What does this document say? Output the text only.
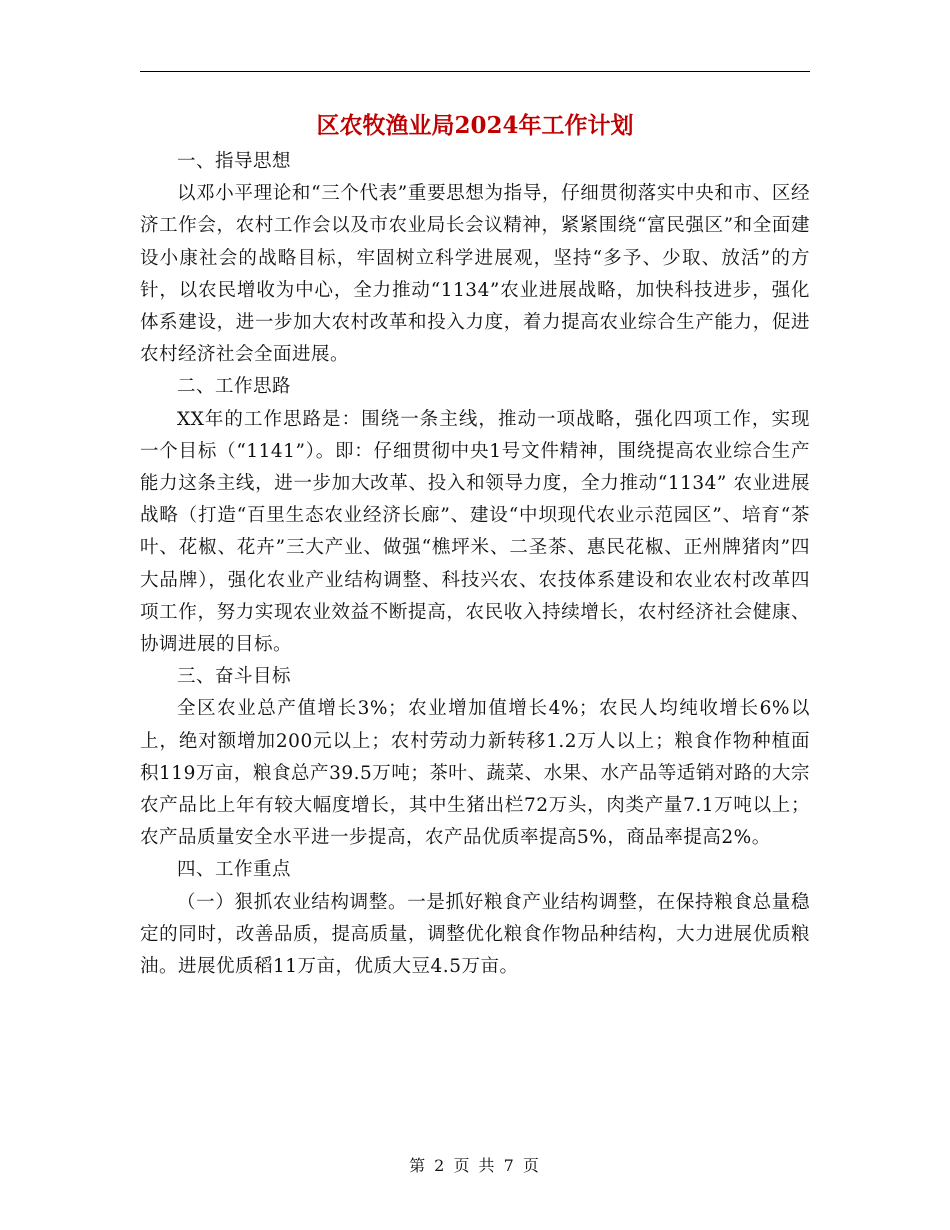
区农牧渔业局2024年工作计划

一、指导思想

以邓小平理论和“三个代表”重要思想为指导，仔细贯彻落实中央和市、区经济工作会，农村工作会以及市农业局长会议精神，紧紧围绕“富民强区”和全面建设小康社会的战略目标，牢固树立科学进展观，坚持“多予、少取、放活”的方针，以农民增收为中心，全力推动“1134”农业进展战略，加快科技进步，强化体系建设，进一步加大农村改革和投入力度，着力提高农业综合生产能力，促进农村经济社会全面进展。

二、工作思路

XX年的工作思路是：围绕一条主线，推动一项战略，强化四项工作，实现一个目标（“1141”）。即：仔细贯彻中央1号文件精神，围绕提高农业综合生产能力这条主线，进一步加大改革、投入和领导力度，全力推动“1134” 农业进展战略（打造“百里生态农业经济长廊”、建设“中坝现代农业示范园区”、培育“茶叶、花椒、花卉”三大产业、做强“樵坪米、二圣茶、惠民花椒、正州牌猪肉”四大品牌），强化农业产业结构调整、科技兴农、农技体系建设和农业农村改革四项工作，努力实现农业效益不断提高，农民收入持续增长，农村经济社会健康、协调进展的目标。

三、奋斗目标

全区农业总产值增长3%；农业增加值增长4%；农民人均纯收增长6%以上，绝对额增加200元以上；农村劳动力新转移1.2万人以上；粮食作物种植面积119万亩，粮食总产39.5万吨；茶叶、蔬菜、水果、水产品等适销对路的大宗农产品比上年有较大幅度增长，其中生猪出栏72万头，肉类产量7.1万吨以上；农产品质量安全水平进一步提高，农产品优质率提高5%，商品率提高2%。

四、工作重点

（一）狠抓农业结构调整。一是抓好粮食产业结构调整，在保持粮食总量稳定的同时，改善品质，提高质量，调整优化粮食作物品种结构，大力进展优质粮油。进展优质稻11万亩，优质大豆4.5万亩。

第 2 页 共 7 页
